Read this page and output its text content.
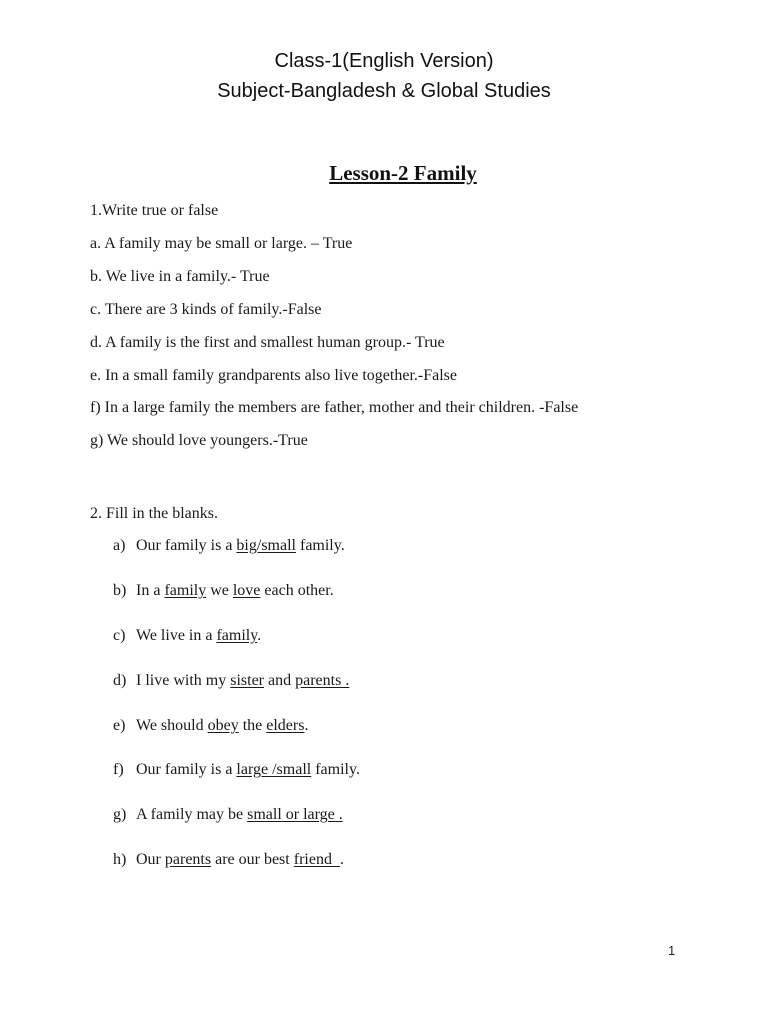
Class-1(English Version)
Subject-Bangladesh & Global Studies
Lesson-2 Family
1.Write true or false
a. A family may be small or large. – True
b. We live in a family.- True
c. There are 3 kinds of family.-False
d. A family is the first and smallest human group.- True
e. In a small family grandparents also live together.-False
f) In a large family the members are father, mother and their children. -False
g) We should love youngers.-True
2. Fill in the blanks.
a) Our family is a big/small family.
b) In a family we love each other.
c) We live in a family.
d) I live with my sister and parents .
e) We should obey the elders.
f) Our family is a large /small family.
g) A family may be small or large .
h) Our parents are our best friend  .
1
